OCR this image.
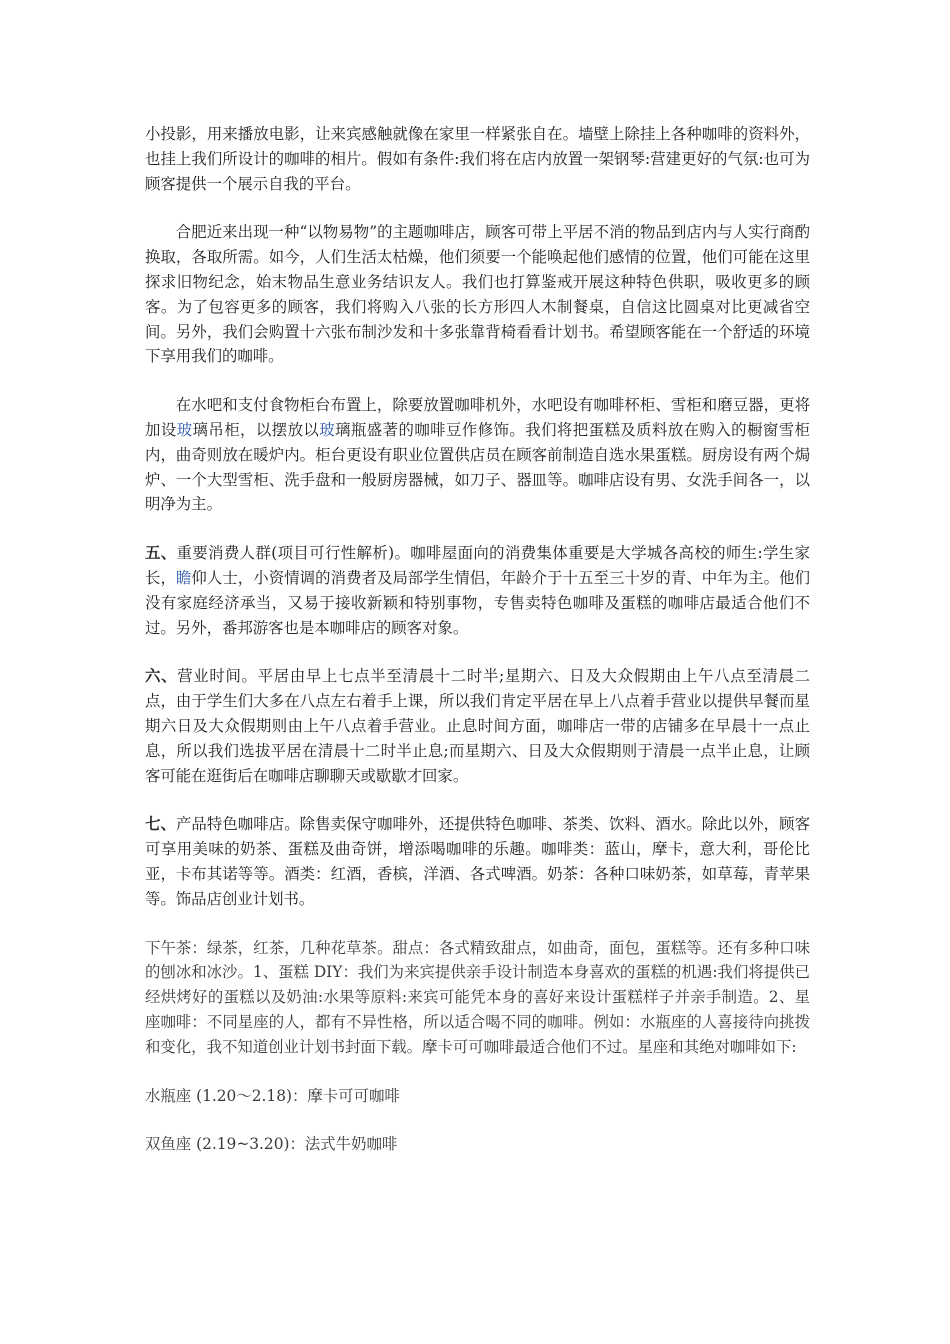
小投影，用来播放电影，让来宾感触就像在家里一样紧张自在。墙壁上除挂上各种咖啡的资料外，也挂上我们所设计的咖啡的相片。假如有条件:我们将在店内放置一架钢琴:营建更好的气氛:也可为顾客提供一个展示自我的平台。

合肥近来出现一种“以物易物”的主题咖啡店，顾客可带上平居不消的物品到店内与人实行商酌换取，各取所需。如今，人们生活太枯燥，他们须要一个能唤起他们感情的位置，他们可能在这里探求旧物纪念，始末物品生意业务结识友人。我们也打算鉴戒开展这种特色供职，吸收更多的顾客。为了包容更多的顾客，我们将购入八张的长方形四人木制餐桌，自信这比圆桌对比更减省空间。另外，我们会购置十六张布制沙发和十多张靠背椅看看计划书。希望顾客能在一个舒适的环境下享用我们的咖啡。

在水吧和支付食物柜台布置上，除要放置咖啡机外，水吧设有咖啡杯柜、雪柜和磨豆器，更将加设玻璃吊柜，以摆放以玻璃瓶盛著的咖啡豆作修饰。我们将把蛋糕及质料放在购入的橱窗雪柜内，曲奇则放在暖炉内。柜台更设有职业位置供店员在顾客前制造自选水果蛋糕。厨房设有两个焗炉、一个大型雪柜、洗手盘和一般厨房器械，如刀子、器皿等。咖啡店设有男、女洗手间各一，以明净为主。

五、重要消费人群(项目可行性解析)。咖啡屋面向的消费集体重要是大学城各高校的师生:学生家长，瞻仰人士，小资情调的消费者及局部学生情侣，年龄介于十五至三十岁的青、中年为主。他们没有家庭经济承当，又易于接收新颖和特别事物，专售卖特色咖啡及蛋糕的咖啡店最适合他们不过。另外，番邦游客也是本咖啡店的顾客对象。

六、营业时间。平居由早上七点半至清晨十二时半;星期六、日及大众假期由上午八点至清晨二点，由于学生们大多在八点左右着手上课，所以我们肯定平居在早上八点着手营业以提供早餐而星期六日及大众假期则由上午八点着手营业。止息时间方面，咖啡店一带的店铺多在早晨十一点止息，所以我们选拔平居在清晨十二时半止息;而星期六、日及大众假期则于清晨一点半止息，让顾客可能在逛街后在咖啡店聊聊天或歇歇才回家。

七、产品特色咖啡店。除售卖保守咖啡外，还提供特色咖啡、茶类、饮料、酒水。除此以外，顾客可享用美味的奶茶、蛋糕及曲奇饼，增添喝咖啡的乐趣。咖啡类：蓝山，摩卡，意大利，哥伦比亚，卡布其诺等等。酒类：红酒，香槟，洋酒、各式啤酒。奶茶：各种口味奶茶，如草莓，青苹果等。饰品店创业计划书。

下午茶：绿茶，红茶，几种花草茶。甜点：各式精致甜点，如曲奇，面包，蛋糕等。还有多种口味的刨冰和冰沙。1、蛋糕 DIY：我们为来宾提供亲手设计制造本身喜欢的蛋糕的机遇:我们将提供已经烘烤好的蛋糕以及奶油:水果等原料:来宾可能凭本身的喜好来设计蛋糕样子并亲手制造。2、星座咖啡：不同星座的人，都有不异性格，所以适合喝不同的咖啡。例如：水瓶座的人喜接待向挑拨和变化，我不知道创业计划书封面下载。摩卡可可咖啡最适合他们不过。星座和其绝对咖啡如下:

水瓶座 (1.20～2.18)：摩卡可可咖啡

双鱼座 (2.19~3.20)：法式牛奶咖啡
